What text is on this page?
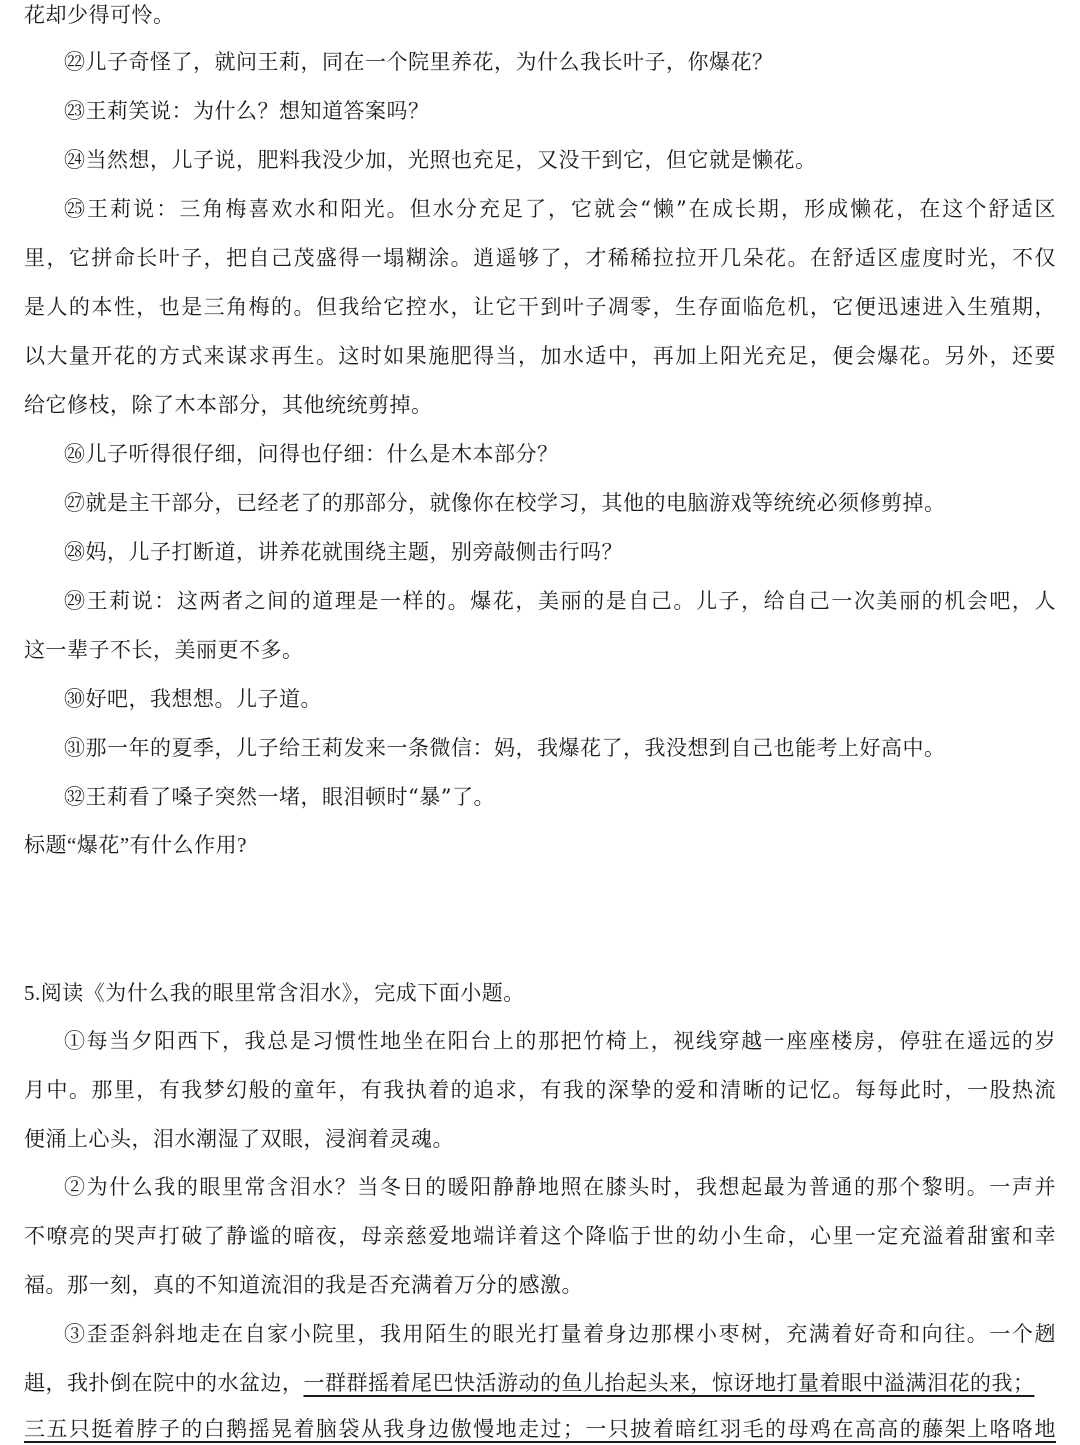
花却少得可怜。
㉒儿子奇怪了，就问王莉，同在一个院里养花，为什么我长叶子，你爆花？
㉓王莉笑说：为什么？想知道答案吗？
㉔当然想，儿子说，肥料我没少加，光照也充足，又没干到它，但它就是懒花。
㉕王莉说：三角梅喜欢水和阳光。但水分充足了，它就会“懒”在成长期，形成懒花，在这个舒适区
里，它拼命长叶子，把自己茂盛得一塌糊涂。逍遥够了，才稀稀拉拉开几朵花。在舒适区虚度时光，不仅
是人的本性，也是三角梅的。但我给它控水，让它干到叶子凋零，生存面临危机，它便迅速进入生殖期，
以大量开花的方式来谋求再生。这时如果施肥得当，加水适中，再加上阳光充足，便会爆花。另外，还要
给它修枝，除了木本部分，其他统统剪掉。
㉖儿子听得很仔细，问得也仔细：什么是木本部分？
㉗就是主干部分，已经老了的那部分，就像你在校学习，其他的电脑游戏等统统必须修剪掉。
㉘妈，儿子打断道，讲养花就围绕主题，别旁敲侧击行吗？
㉙王莉说：这两者之间的道理是一样的。爆花，美丽的是自己。儿子，给自己一次美丽的机会吧，人
这一辈子不长，美丽更不多。
㉚好吧，我想想。儿子道。
㉛那一年的夏季，儿子给王莉发来一条微信：妈，我爆花了，我没想到自己也能考上好高中。
㉜王莉看了嗓子突然一堵，眼泪顿时“暴”了。
标题“爆花”有什么作用?
5.阅读《为什么我的眼里常含泪水》，完成下面小题。
①每当夕阳西下，我总是习惯性地坐在阳台上的那把竹椅上，视线穿越一座座楼房，停驻在遥远的岁
月中。那里，有我梦幻般的童年，有我执着的追求，有我的深挚的爱和清晰的记忆。每每此时，一股热流
便涌上心头，泪水潮湿了双眼，浸润着灵魂。
②为什么我的眼里常含泪水？当冬日的暖阳静静地照在膝头时，我想起最为普通的那个黎明。一声并
不嘹亮的哭声打破了静谧的暗夜，母亲慈爱地端详着这个降临于世的幼小生命，心里一定充溢着甜蜜和幸
福。那一刻，真的不知道流泪的我是否充满着万分的感激。
③歪歪斜斜地走在自家小院里，我用陌生的眼光打量着身边那棵小枣树，充满着好奇和向往。一个趔
趄，我扑倒在院中的水盆边，一群群摇着尾巴快活游动的鱼儿抬起头来，惊讶地打量着眼中溢满泪花的我；
三五只挺着脖子的白鹅摇晃着脑袋从我身边傲慢地走过；一只披着暗红羽毛的母鸡在高高的藤架上咯咯地
